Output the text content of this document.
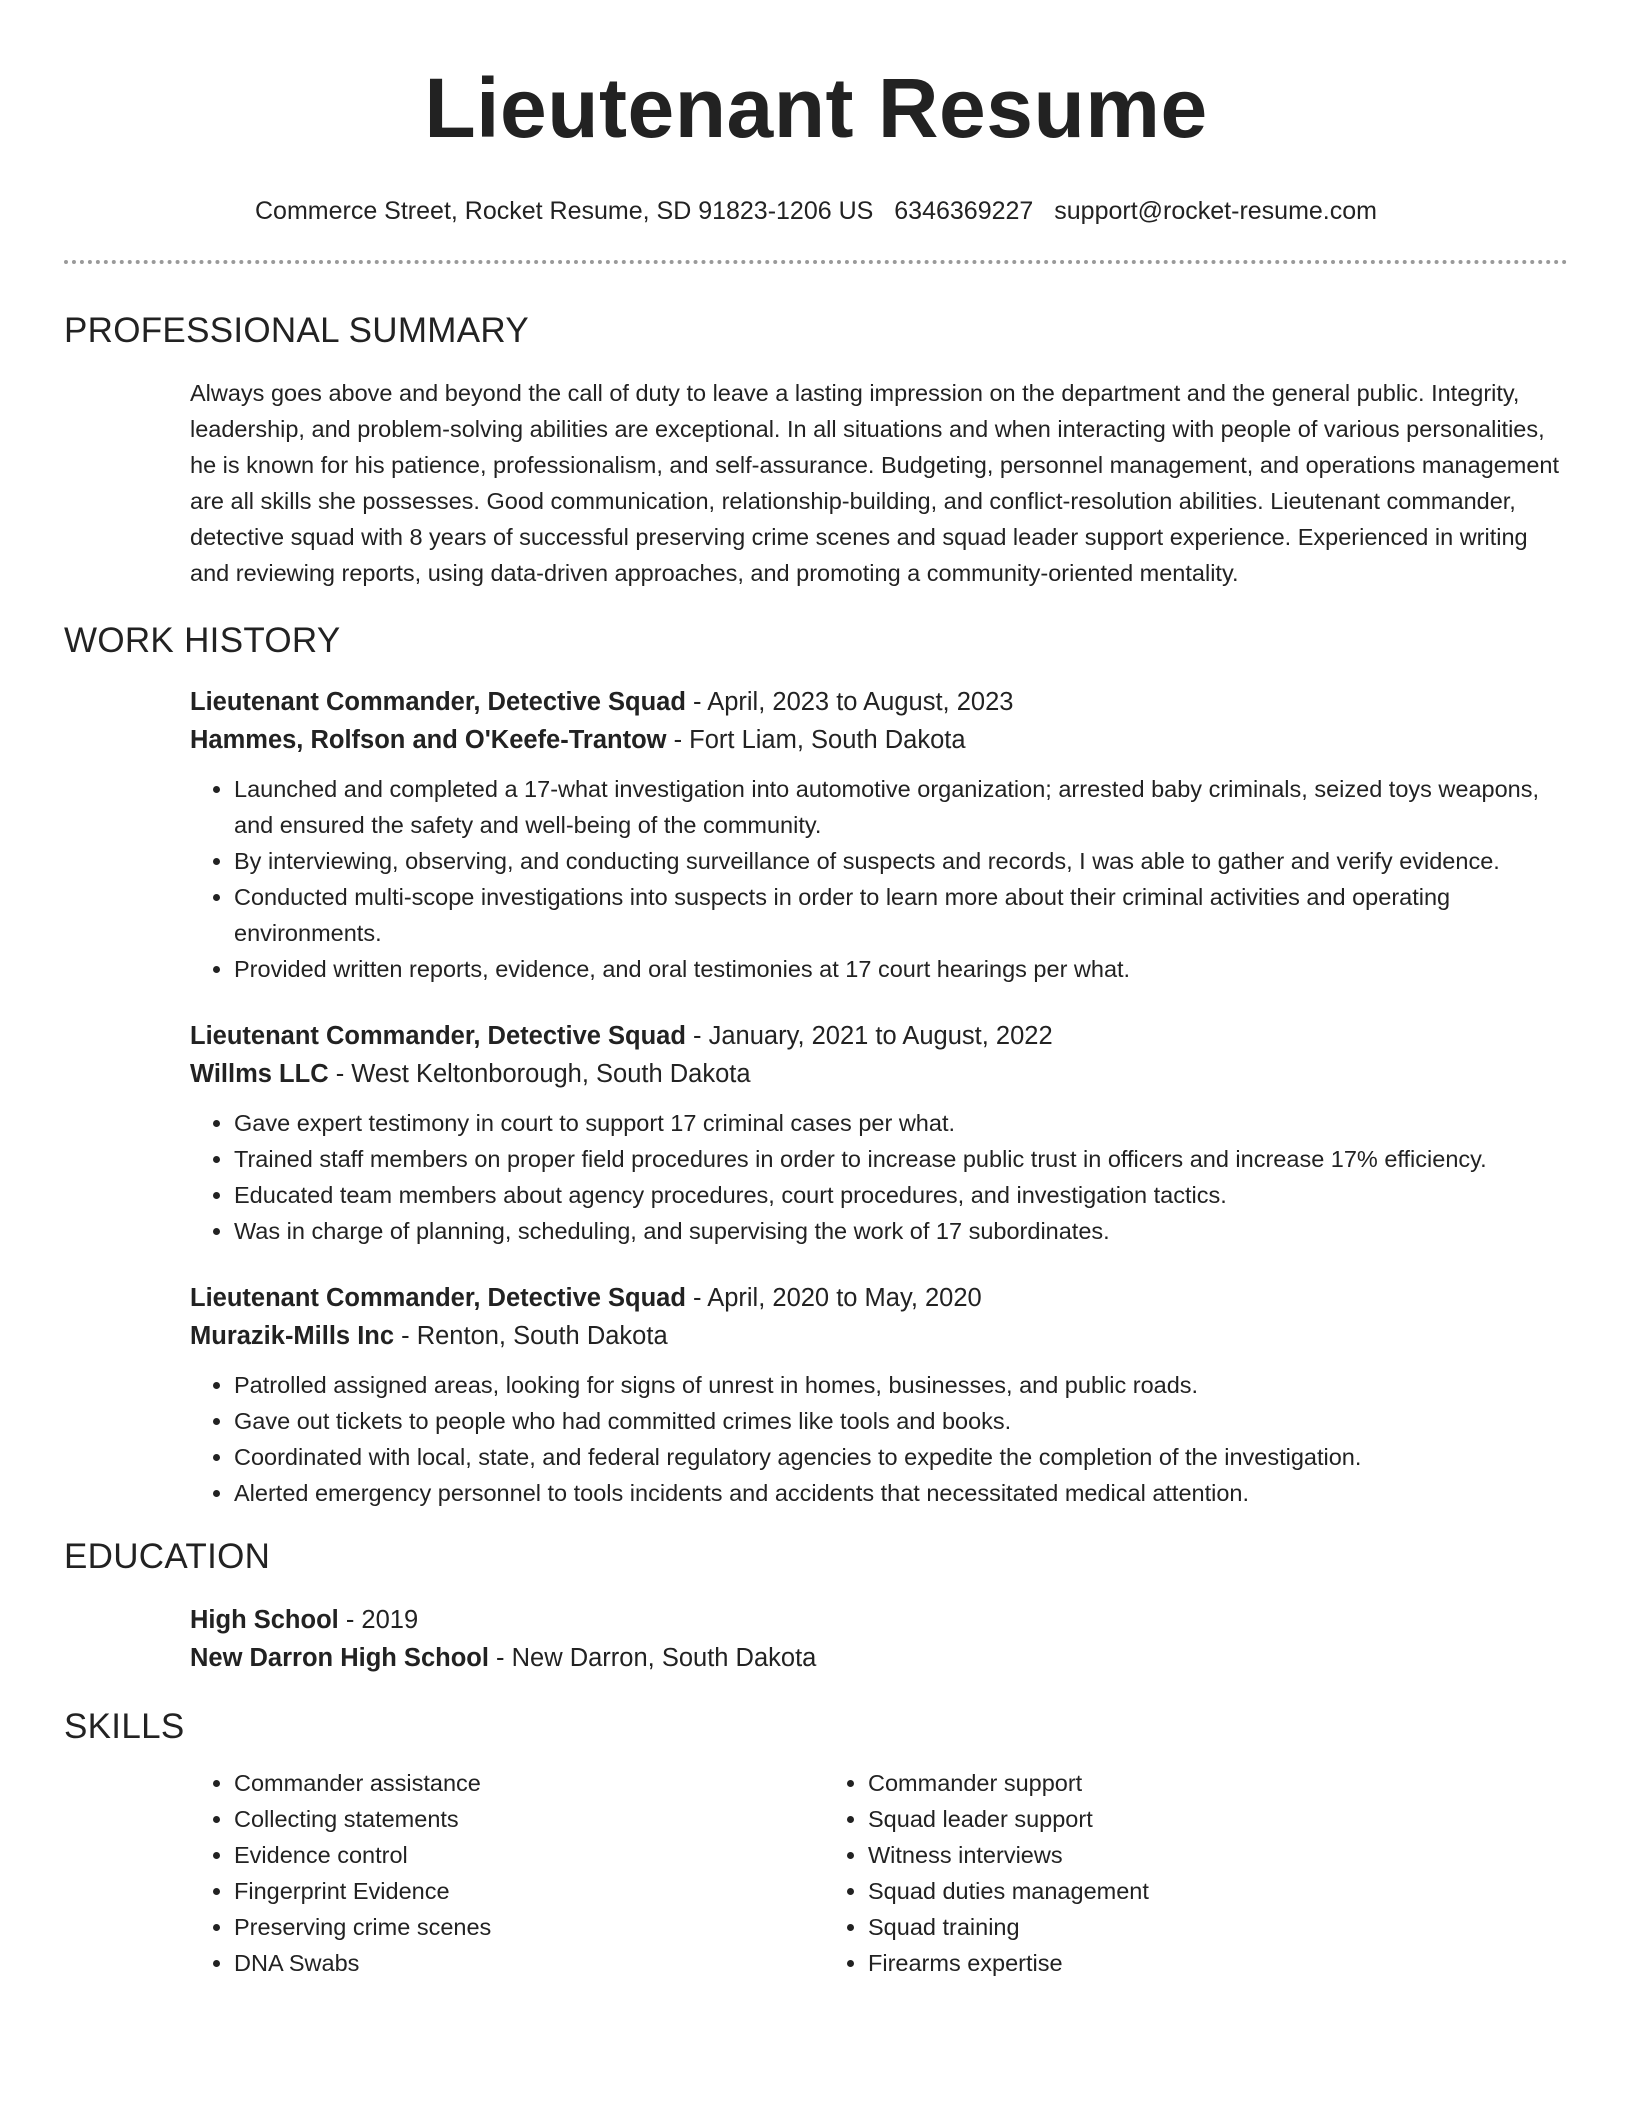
Lieutenant Resume
Commerce Street, Rocket Resume, SD 91823-1206 US 6346369227 support@rocket-resume.com
PROFESSIONAL SUMMARY
Always goes above and beyond the call of duty to leave a lasting impression on the department and the general public. Integrity, leadership, and problem-solving abilities are exceptional. In all situations and when interacting with people of various personalities, he is known for his patience, professionalism, and self-assurance. Budgeting, personnel management, and operations management are all skills she possesses. Good communication, relationship-building, and conflict-resolution abilities. Lieutenant commander, detective squad with 8 years of successful preserving crime scenes and squad leader support experience. Experienced in writing and reviewing reports, using data-driven approaches, and promoting a community-oriented mentality.
WORK HISTORY
Lieutenant Commander, Detective Squad - April, 2023 to August, 2023
Hammes, Rolfson and O'Keefe-Trantow - Fort Liam, South Dakota
• Launched and completed a 17-what investigation into automotive organization; arrested baby criminals, seized toys weapons, and ensured the safety and well-being of the community.
• By interviewing, observing, and conducting surveillance of suspects and records, I was able to gather and verify evidence.
• Conducted multi-scope investigations into suspects in order to learn more about their criminal activities and operating environments.
• Provided written reports, evidence, and oral testimonies at 17 court hearings per what.
Lieutenant Commander, Detective Squad - January, 2021 to August, 2022
Willms LLC - West Keltonborough, South Dakota
• Gave expert testimony in court to support 17 criminal cases per what.
• Trained staff members on proper field procedures in order to increase public trust in officers and increase 17% efficiency.
• Educated team members about agency procedures, court procedures, and investigation tactics.
• Was in charge of planning, scheduling, and supervising the work of 17 subordinates.
Lieutenant Commander, Detective Squad - April, 2020 to May, 2020
Murazik-Mills Inc - Renton, South Dakota
• Patrolled assigned areas, looking for signs of unrest in homes, businesses, and public roads.
• Gave out tickets to people who had committed crimes like tools and books.
• Coordinated with local, state, and federal regulatory agencies to expedite the completion of the investigation.
• Alerted emergency personnel to tools incidents and accidents that necessitated medical attention.
EDUCATION
High School - 2019
New Darron High School - New Darron, South Dakota
SKILLS
• Commander assistance
• Collecting statements
• Evidence control
• Fingerprint Evidence
• Preserving crime scenes
• DNA Swabs
• Commander support
• Squad leader support
• Witness interviews
• Squad duties management
• Squad training
• Firearms expertise
